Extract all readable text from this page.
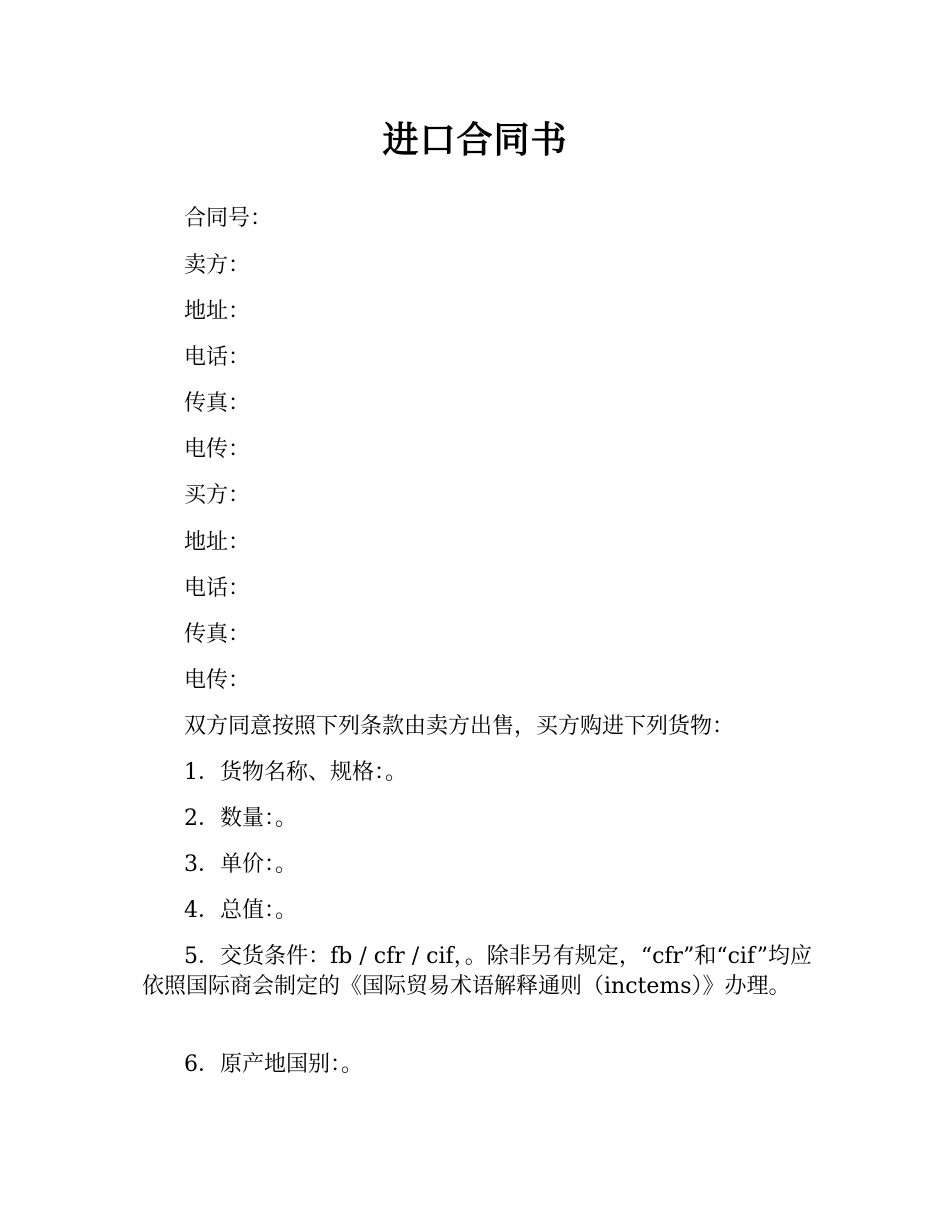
进口合同书
合同号：
卖方：
地址：
电话：
传真：
电传：
买方：
地址：
电话：
传真：
电传：
双方同意按照下列条款由卖方出售，买方购进下列货物：
1．货物名称、规格：。
2．数量：。
3．单价：。
4．总值：。
5．交货条件：fb / cfr / cif，。除非另有规定，“cfr”和“cif”均应依照国际商会制定的《国际贸易术语解释通则（inctems）》办理。
6．原产地国别：。
